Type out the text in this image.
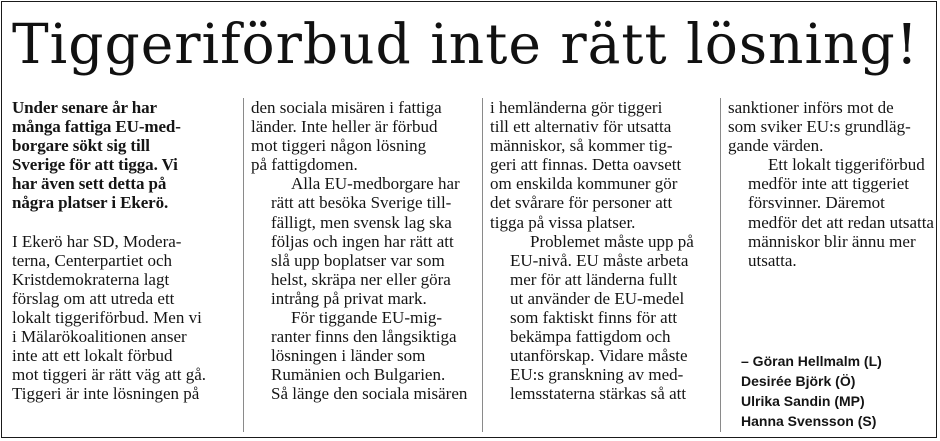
Tiggeriförbud inte rätt lösning!

Under senare år har
många fattiga EU-med-
borgare sökt sig till
Sverige för att tigga. Vi
har även sett detta på
några platser i Ekerö.

I Ekerö har SD, Modera-
terna, Centerpartiet och
Kristdemokraterna lagt
förslag om att utreda ett
lokalt tiggeriförbud. Men vi
i Mälarökoalitionen anser
inte att ett lokalt förbud
mot tiggeri är rätt väg att gå.
Tiggeri är inte lösningen på

den sociala misären i fattiga
länder. Inte heller är förbud
mot tiggeri någon lösning
på fattigdomen.

Alla EU-medborgare har
rätt att besöka Sverige till-
fälligt, men svensk lag ska
följas och ingen har rätt att
slå upp boplatser var som
helst, skräpa ner eller göra
intrång på privat mark.

För tiggande EU-mig-
ranter finns den långsiktiga
lösningen i länder som
Rumänien och Bulgarien.
Så länge den sociala misären

i hemländerna gör tiggeri
till ett alternativ för utsatta
människor, så kommer tig-
geri att finnas. Detta oavsett
om enskilda kommuner gör
det svårare för personer att
tigga på vissa platser.

Problemet måste upp på
EU-nivå. EU måste arbeta
mer för att länderna fullt
ut använder de EU-medel
som faktiskt finns för att
bekämpa fattigdom och
utanförskap. Vidare måste
EU:s granskning av med-
lemsstaterna stärkas så att

sanktioner införs mot de
som sviker EU:s grundläg-
gande värden.

Ett lokalt tiggeriförbud
medför inte att tiggeriet
försvinner. Däremot
medför det att redan utsatta
människor blir ännu mer
utsatta.

– Göran Hellmalm (L)
Desirée Björk (Ö)
Ulrika Sandin (MP)
Hanna Svensson (S)
